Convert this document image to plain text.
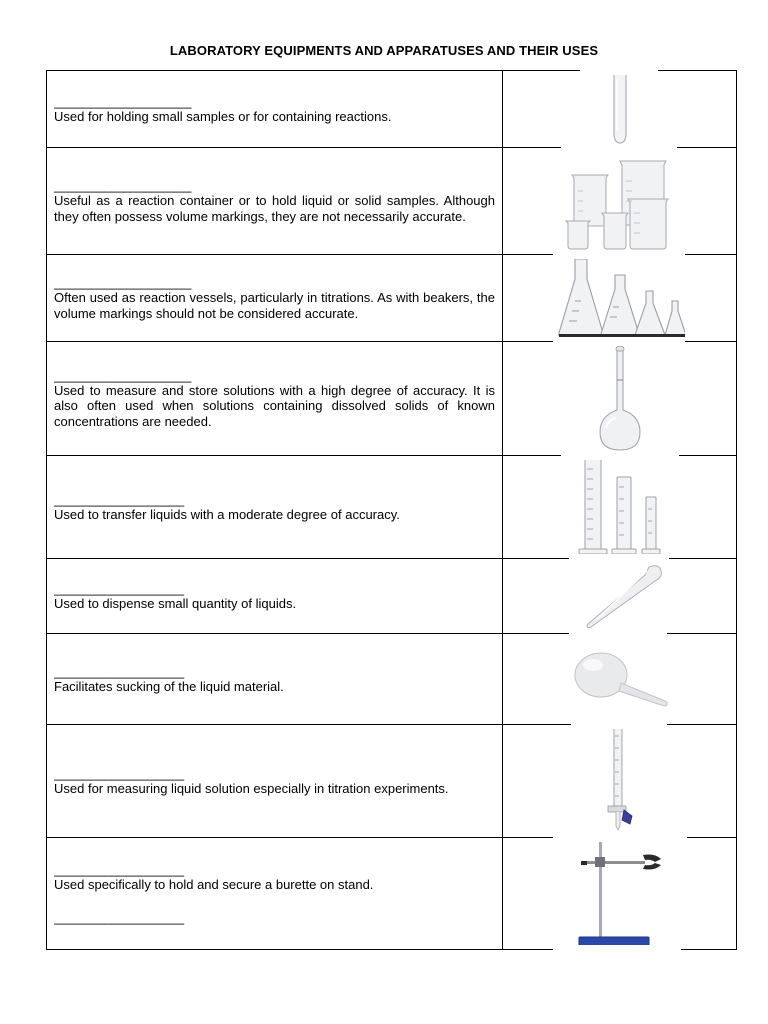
LABORATORY EQUIPMENTS AND APPARATUSES AND THEIR USES
___________________
Used for holding small samples or for containing reactions.

___________________
Useful as a reaction container or to hold liquid or solid samples. Although they often possess volume markings, they are not necessarily accurate.

___________________
Often used as reaction vessels, particularly in titrations. As with beakers, the volume markings should not be considered accurate.

___________________
Used to measure and store solutions with a high degree of accuracy. It is also often used when solutions containing dissolved solids of known concentrations are needed.

__________________
Used to transfer liquids with a moderate degree of accuracy.

__________________
Used to dispense small quantity of liquids.

__________________
Facilitates sucking of the liquid material.

__________________
Used for measuring liquid solution especially in titration experiments.

__________________
Used specifically to hold and secure a burette on stand.
__________________
